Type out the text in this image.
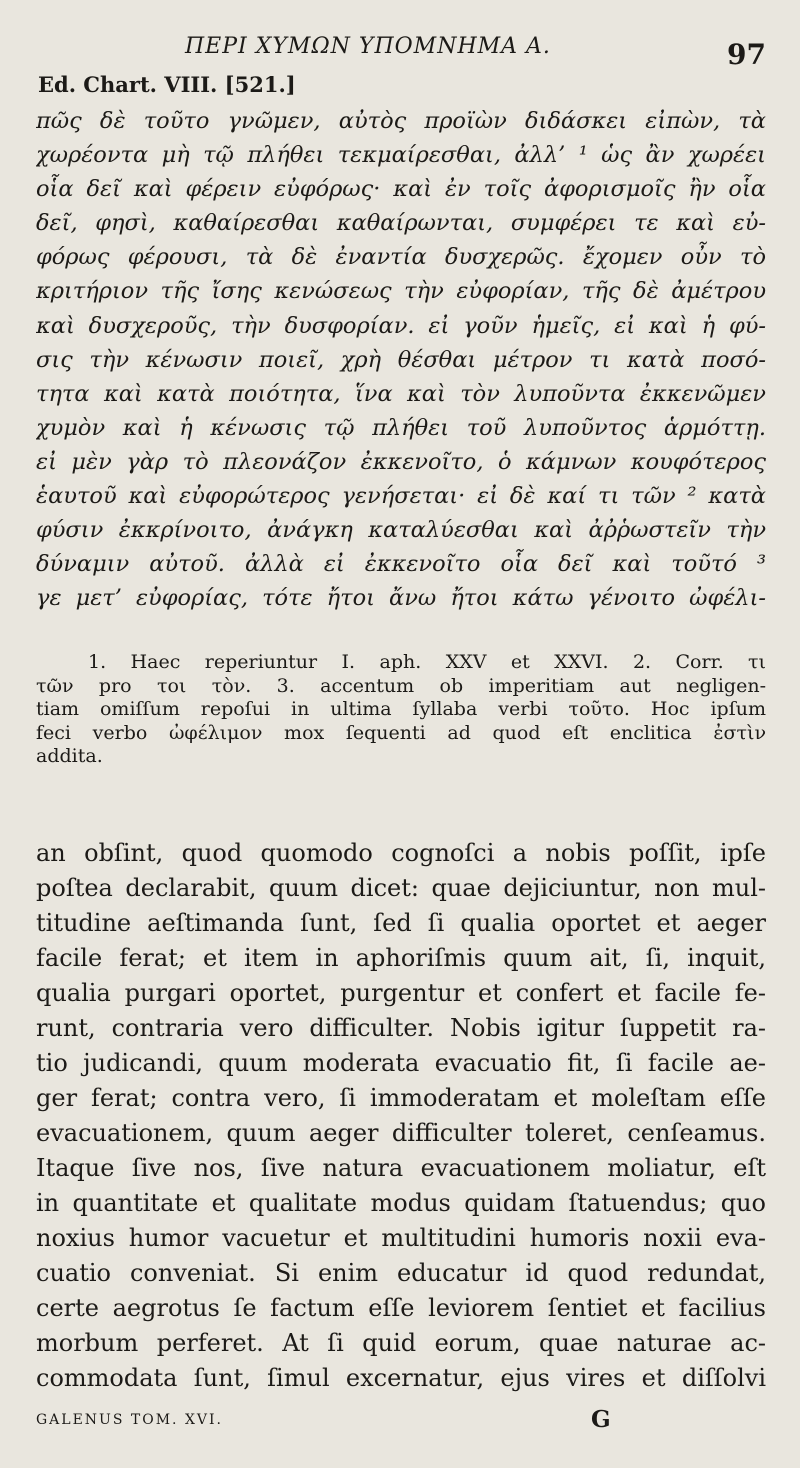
ΠΕΡΙ ΧΥΜΩΝ ΥΠΟΜΝΗΜΑ Α.	97
Ed. Chart. VIII. [521.]
πῶς δὲ τοῦτο γνῶμεν, αὐτὸς προϊὼν διδάσκει εἰπὼν, τὰ
χωρέοντα μὴ τῷ πλήθει τεκμαίρεσθαι, ἀλλ’ ¹ ὡς ἂν χωρέει
οἷα δεῖ καὶ φέρειν εὐφόρως· καὶ ἐν τοῖς ἀφορισμοῖς ἢν οἷα
δεῖ, φησὶ, καθαίρεσθαι καθαίρωνται, συμφέρει τε καὶ εὐ-
φόρως φέρουσι, τὰ δὲ ἐναντία δυσχερῶς. ἔχομεν οὖν τὸ
κριτήριον τῆς ἴσης κενώσεως τὴν εὐφορίαν, τῆς δὲ ἀμέτρου
καὶ δυσχεροῦς, τὴν δυσφορίαν. εἰ γοῦν ἡμεῖς, εἰ καὶ ἡ φύ-
σις τὴν κένωσιν ποιεῖ, χρὴ θέσθαι μέτρον τι κατὰ ποσό-
τητα καὶ κατὰ ποιότητα, ἵνα καὶ τὸν λυποῦντα ἐκκενῶμεν
χυμὸν καὶ ἡ κένωσις τῷ πλήθει τοῦ λυποῦντος ἁρμόττῃ.
εἰ μὲν γὰρ τὸ πλεονάζον ἐκκενοῖτο, ὁ κάμνων κουφότερος
ἑαυτοῦ καὶ εὐφορώτερος γενήσεται· εἰ δὲ καί τι τῶν ² κατὰ
φύσιν ἐκκρίνοιτο, ἀνάγκη καταλύεσθαι καὶ ἀῤῥωστεῖν τὴν
δύναμιν αὐτοῦ. ἀλλὰ εἰ ἐκκενοῖτο οἷα δεῖ καὶ τοῦτό ³
γε μετ’ εὐφορίας, τότε ἤτοι ἄνω ἤτοι κάτω γένοιτο ὠφέλι-
1. Haec reperiuntur I. aph. XXV et XXVI. 2. Corr. τι
τῶν pro τοι τὸν. 3. accentum ob imperitiam aut negligen-
tiam omiſſum repoſui in ultima ſyllaba verbi τοῦτο. Hoc ipſum
feci verbo ὠφέλιμον mox ſequenti ad quod eſt enclitica ἐστὶν
addita.
an obſint, quod quomodo cognoſci a nobis poſſit, ipſe
poſtea declarabit, quum dicet: quae dejiciuntur, non mul-
titudine aeſtimanda ſunt, ſed ſi qualia oportet et aeger
facile ferat; et item in aphoriſmis quum ait, ſi, inquit,
qualia purgari oportet, purgentur et confert et facile fe-
runt, contraria vero difficulter. Nobis igitur ſuppetit ra-
tio judicandi, quum moderata evacuatio fit, ſi facile ae-
ger ferat; contra vero, ſi immoderatam et moleſtam eſſe
evacuationem, quum aeger difficulter toleret, cenſeamus.
Itaque ſive nos, ſive natura evacuationem moliatur, eſt
in quantitate et qualitate modus quidam ſtatuendus; quo
noxius humor vacuetur et multitudini humoris noxii eva-
cuatio conveniat. Si enim educatur id quod redundat,
certe aegrotus ſe factum eſſe leviorem ſentiet et facilius
morbum perferet. At ſi quid eorum, quae naturae ac-
commodata ſunt, ſimul excernatur, ejus vires et diſſolvi
GALENUS TOM. XVI.	G
